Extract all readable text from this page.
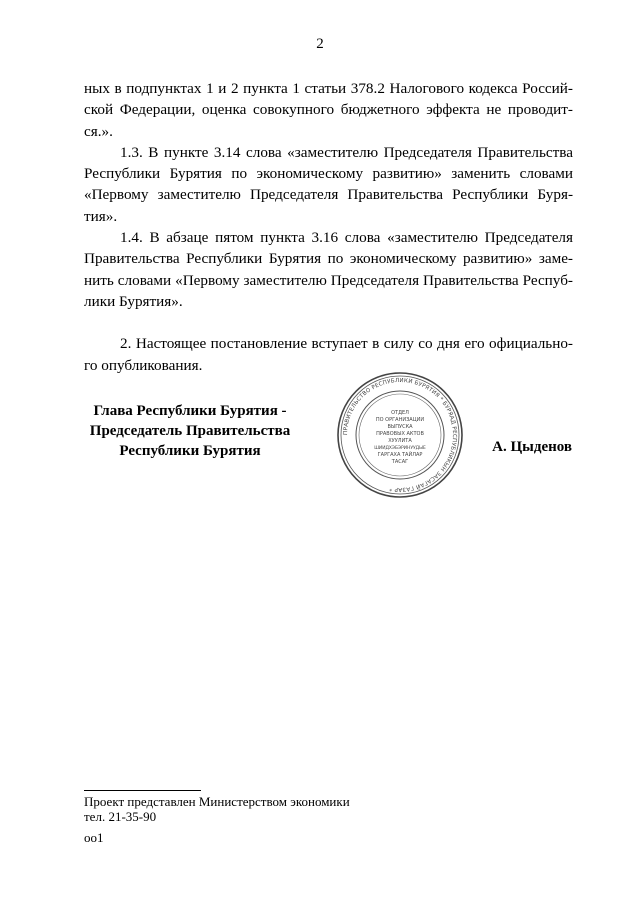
2

ных в подпунктах 1 и 2 пункта 1 статьи 378.2 Налогового кодекса Россий-
ской Федерации, оценка совокупного бюджетного эффекта не проводит-
ся.».

1.3. В пункте 3.14 слова «заместителю Председателя Правительства
Республики Бурятия по экономическому развитию» заменить словами
«Первому заместителю Председателя Правительства Республики Буря-
тия».

1.4. В абзаце пятом пункта 3.16 слова «заместителю Председателя
Правительства Республики Бурятия по экономическому развитию» заме-
нить словами «Первому заместителю Председателя Правительства Респуб-
лики Бурятия».

2. Настоящее постановление вступает в силу со дня его официально-
го опубликования.

Глава Республики Бурятия -
Председатель Правительства
Республики Бурятия
ПРАВИТЕЛЬСТВО РЕСПУБЛИКИ БУРЯТИЯ * БУРЯАД РЕСПУБЛИКЫН ЗАСАГАЙ ГАЗАР *
ОТДЕЛ
ПО ОРГАНИЗАЦИИ
ВЫПУСКА
ПРАВОВЫХ АКТОВ
ХУУЛИТА
ШИИДХЭБЭРИНУУДЫЕ
ГАРГАХА ТАЙЛАР
ТАСАГ
А. Цыденов
Проект представлен Министерством экономики
тел. 21-35-90
оо1
